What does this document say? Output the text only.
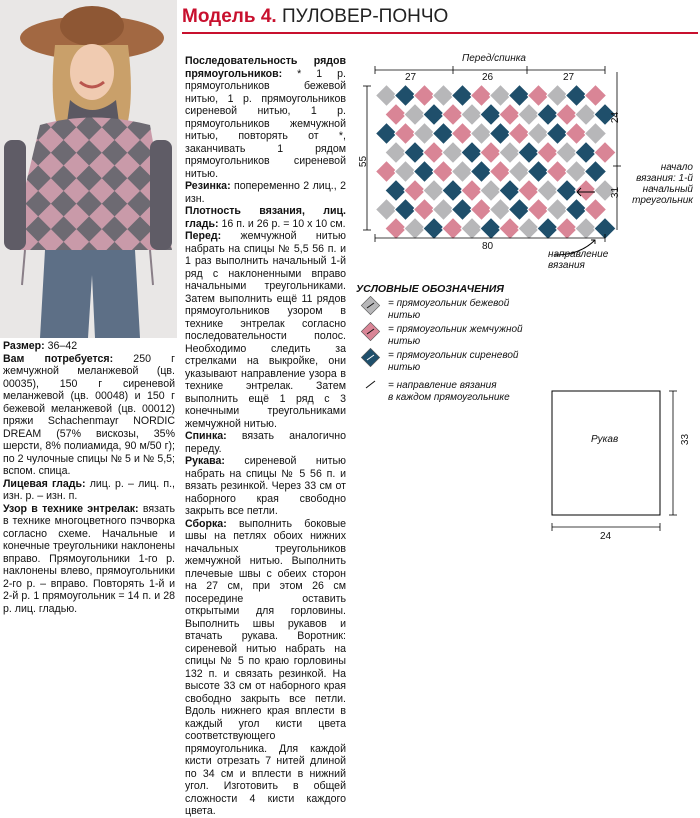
Модель 4. ПУЛОВЕР-ПОНЧО

Размер: 36–42

Вам потребуется: 250 г жемчужной меланжевой (цв. 00035), 150 г сиреневой меланжевой (цв. 00048) и 150 г бежевой меланжевой (цв. 00012) пряжи Schachenmayr NORDIC DREAM (57% вискозы, 35% шерсти, 8% полиамида, 90 м/50 г); по 2 чулочные спицы № 5 и № 5,5; вспом. спица.

Лицевая гладь: лиц. р. – лиц. п., изн. р. – изн. п.

Узор в технике энтрелак: вязать в технике многоцветного пэчворка согласно схеме. Начальные и конечные треугольники наклонены вправо. Прямоугольники 1-го р. наклонены влево, прямоугольники 2-го р. – вправо. Повторять 1-й и 2-й р. 1 прямоугольник = 14 п. и 28 р. лиц. гладью.

Последовательность рядов прямоугольников: * 1 р. прямоугольников бежевой нитью, 1 р. прямоугольников сиреневой нитью, 1 р. прямоугольников жемчужной нитью, повторять от *, заканчивать 1 рядом прямоугольников сиреневой нитью.

Резинка: попеременно 2 лиц., 2 изн.

Плотность вязания, лиц. гладь: 16 п. и 26 р. = 10 х 10 см.

Перед: жемчужной нитью набрать на спицы № 5,5 56 п. и 1 раз выполнить начальный 1-й ряд с наклоненными вправо начальными треугольниками. Затем выполнить ещё 11 рядов прямоугольников узором в технике энтрелак согласно последовательности полос. Необходимо следить за стрелками на выкройке, они указывают направление узора в технике энтрелак. Затем выполнить ещё 1 ряд с 3 конечными треугольниками жемчужной нитью.

Спинка: вязать аналогично переду.

Рукава: сиреневой нитью набрать на спицы № 5 56 п. и вязать резинкой. Через 33 см от наборного края свободно закрыть все петли.

Сборка: выполнить боковые швы на петлях обоих нижних начальных треугольников жемчужной нитью. Выполнить плечевые швы с обеих сторон на 27 см, при этом 26 см посередине оставить открытыми для горловины. Выполнить швы рукавов и втачать рукава. Воротник: сиреневой нитью набрать на спицы № 5 по краю горловины 132 п. и связать резинкой. На высоте 33 см от наборного края свободно закрыть все петли. Вдоль нижнего края вплести в каждый угол кисти цвета соответствующего прямоугольника. Для каждой кисти отрезать 7 нитей длиной по 34 см и вплести в нижний угол. Изготовить в общей сложности 4 кисти каждого цвета.

Перед/спинка
27	26	27
55
80
24
31
начало
вязания: 1-й
начальный
треугольник
направление
вязания
УСЛОВНЫЕ ОБОЗНАЧЕНИЯ
= прямоугольник бежевой
нитью
= прямоугольник жемчужной
нитью
= прямоугольник сиреневой
нитью
= направление вязания
в каждом прямоугольнике
Рукав	33
24
